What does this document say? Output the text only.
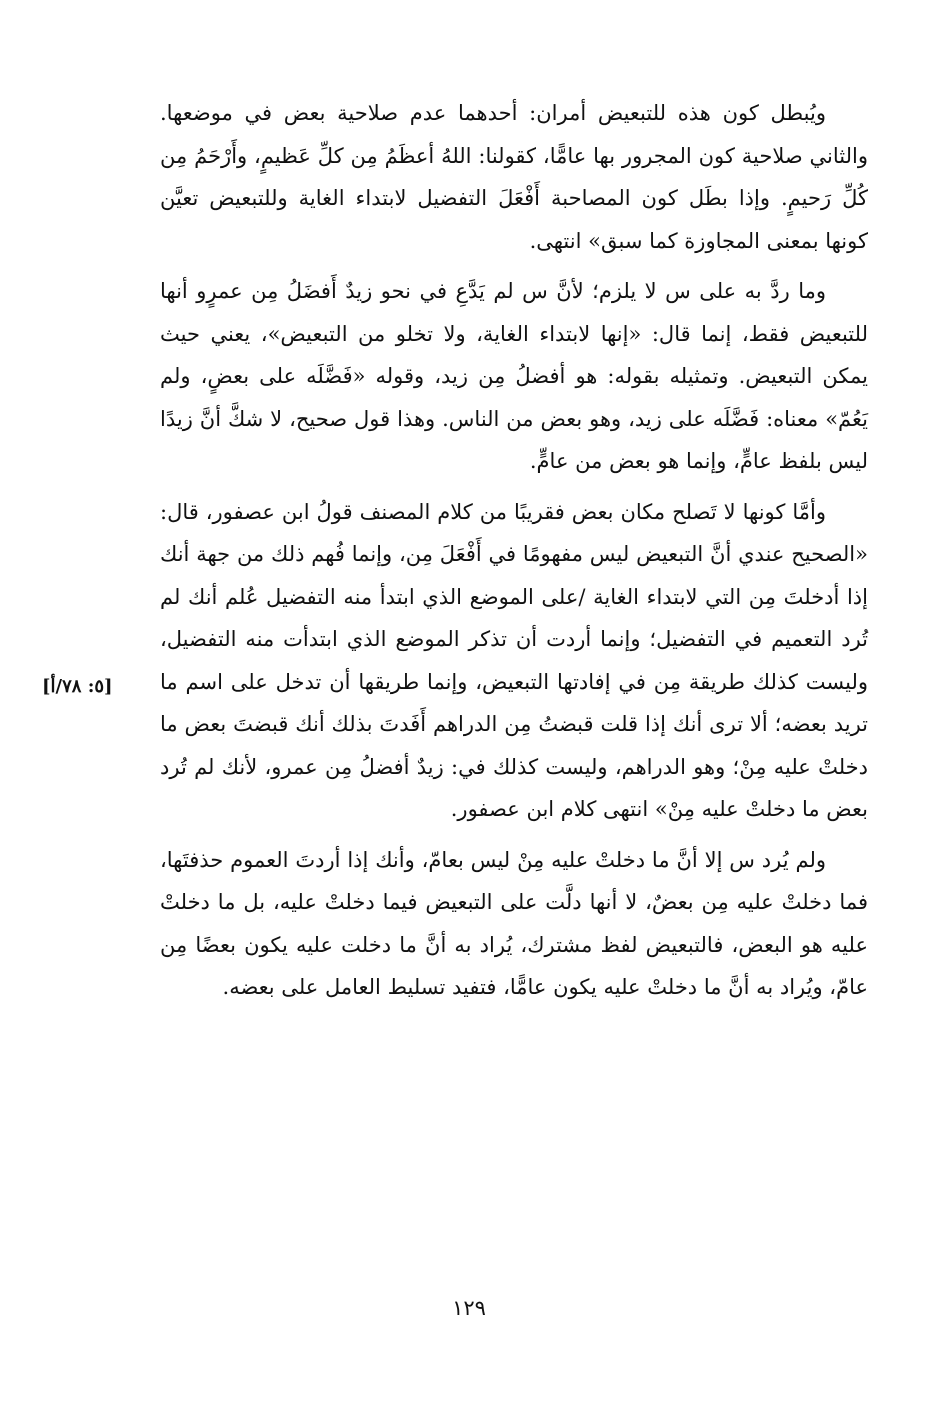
ويُبطل كون هذه للتبعيض أمران: أحدهما عدم صلاحية بعض في موضعها. والثاني صلاحية كون المجرور بها عامًّا، كقولنا: اللهُ أعظَمُ مِن كلِّ عَظيمٍ، وأَرْحَمُ مِن كُلِّ رَحيمٍ. وإذا بطَل كون المصاحبة أَفْعَلَ التفضيل لابتداء الغاية وللتبعيض تعيَّن كونها بمعنى المجاوزة كما سبق» انتهى.

وما ردَّ به على س لا يلزم؛ لأنَّ س لم يَدَّعِ في نحو زيدٌ أَفضَلُ مِن عمرٍو أنها للتبعيض فقط، إنما قال: «إنها لابتداء الغاية، ولا تخلو من التبعيض»، يعني حيث يمكن التبعيض. وتمثيله بقوله: هو أفضلُ مِن زيد، وقوله «فَضَّلَه على بعضٍ، ولم يَعُمّ» معناه: فَضَّلَه على زيد، وهو بعض من الناس. وهذا قول صحيح، لا شكَّ أنَّ زيدًا ليس بلفظ عامٍّ، وإنما هو بعض من عامٍّ.

وأمَّا كونها لا تَصلح مكان بعض فقريبًا من كلام المصنف قولُ ابن عصفور، قال: «الصحيح عندي أنَّ التبعيض ليس مفهومًا في أَفْعَلَ مِن، وإنما فُهم ذلك من جهة أنك إذا أدخلتَ مِن التي لابتداء الغاية /على الموضع الذي ابتدأ منه التفضيل عُلم أنك لم تُرد التعميم في التفضيل؛ وإنما أردت أن تذكر الموضع الذي ابتدأت منه التفضيل، وليست كذلك طريقة مِن في إفادتها التبعيض، وإنما طريقها أن تدخل على اسم ما تريد بعضه؛ ألا ترى أنك إذا قلت قبضتُ مِن الدراهم أَفَدتَ بذلك أنك قبضتَ بعض ما دخلتْ عليه مِنْ؛ وهو الدراهم، وليست كذلك في: زيدٌ أفضلُ مِن عمرو، لأنك لم تُرد بعض ما دخلتْ عليه مِنْ» انتهى كلام ابن عصفور.

ولم يُرد س إلا أنَّ ما دخلتْ عليه مِنْ ليس بعامّ، وأنك إذا أردتَ العموم حذفتَها، فما دخلتْ عليه مِن بعضٌ، لا أنها دلَّت على التبعيض فيما دخلتْ عليه، بل ما دخلتْ عليه هو البعض، فالتبعيض لفظ مشترك، يُراد به أنَّ ما دخلت عليه يكون بعضًا مِن عامّ، ويُراد به أنَّ ما دخلتْ عليه يكون عامًّا، فتفيد تسليط العامل على بعضه.

[٥: ٧٨/أ]
١٢٩
